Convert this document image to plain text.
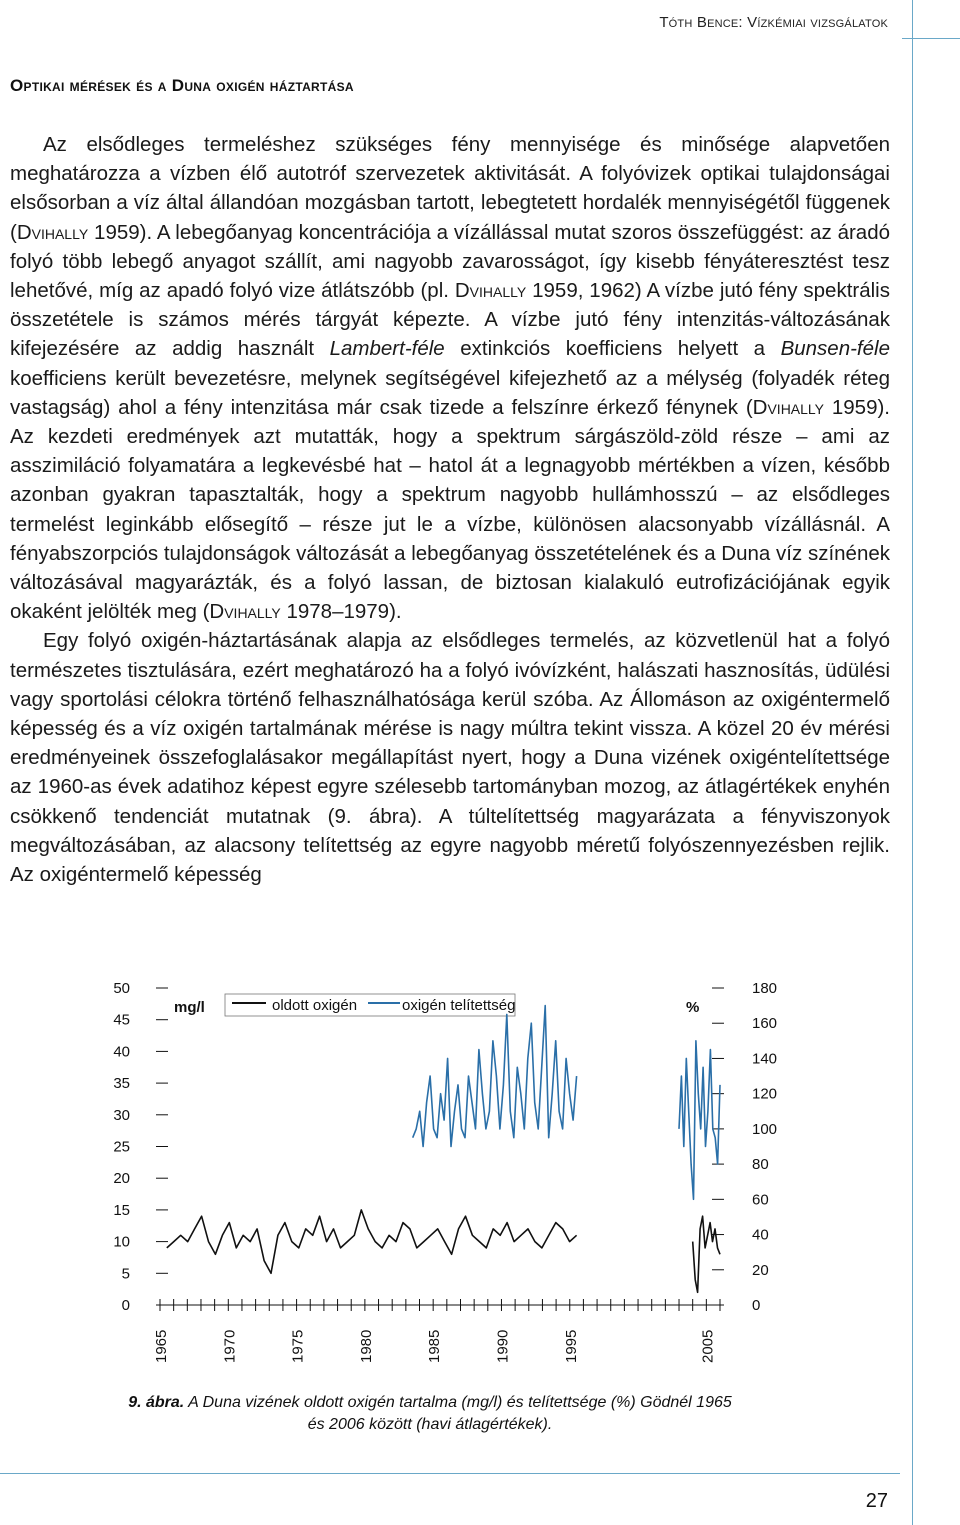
Tóth Bence: Vízkémiai vizsgálatok
Optikai mérések és a Duna oxigén háztartása

Az elsődleges termeléshez szükséges fény mennyisége és minősége alapvetően meghatározza a vízben élő autotróf szervezetek aktivitását. A folyóvizek optikai tulajdonságai elsősorban a víz által állandóan mozgásban tartott, lebegtetett hordalék mennyiségétől függenek (Dvihally 1959). A lebegőanyag koncentrációja a vízállással mutat szoros összefüggést: az áradó folyó több lebegő anyagot szállít, ami nagyobb zavarosságot, így kisebb fényáteresztést tesz lehetővé, míg az apadó folyó vize átlátszóbb (pl. Dvihally 1959, 1962) A vízbe jutó fény spektrális összetétele is számos mérés tárgyát képezte. A vízbe jutó fény intenzitás-változásának kifejezésére az addig használt Lambert-féle extinkciós koefficiens helyett a Bunsen-féle koefficiens került bevezetésre, melynek segítségével kifejezhető az a mélység (folyadék réteg vastagság) ahol a fény intenzitása már csak tizede a felszínre érkező fénynek (Dvihally 1959). Az kezdeti eredmények azt mutatták, hogy a spektrum sárgászöld-zöld része – ami az asszimiláció folyamatára a legkevésbé hat – hatol át a legnagyobb mértékben a vízen, később azonban gyakran tapasztalták, hogy a spektrum nagyobb hullámhosszú – az elsődleges termelést leginkább elősegítő – része jut le a vízbe, különösen alacsonyabb vízállásnál. A fényabszorpciós tulajdonságok változását a lebegőanyag összetételének és a Duna víz színének változásával magyarázták, és a folyó lassan, de biztosan kialakuló eutrofizációjának egyik okaként jelölték meg (Dvihally 1978–1979).

Egy folyó oxigén-háztartásának alapja az elsődleges termelés, az közvetlenül hat a folyó természetes tisztulására, ezért meghatározó ha a folyó ivóvízként, halászati hasznosítás, üdülési vagy sportolási célokra történő felhasználhatósága kerül szóba. Az Állomáson az oxigéntermelő képesség és a víz oxigén tartalmának mérése is nagy múltra tekint vissza. A közel 20 év mérési eredményeinek összefoglalásakor megállapítást nyert, hogy a Duna vizének oxigéntelítettsége az 1960-as évek adatihoz képest egyre szélesebb tartományban mozog, az átlagértékek enyhén csökkenő tendenciát mutatnak (9. ábra). A túltelítettség magyarázata a fényviszonyok megváltozásában, az alacsony telítettség az egyre nagyobb méretű folyószennyezésben rejlik. Az oxigéntermelő képesség

50
45
40
35
30
25
20
15
10
5
0
180
160
140
120
100
80
60
40
20
0
1965	1970	1975	1980	1985	1990	1995	2005
mg/l	%
oldott oxigén	oxigén telítettség
9. ábra. A Duna vizének oldott oxigén tartalma (mg/l) és telítettsége (%) Gödnél 1965 és 2006 között (havi átlagértékek).
27
